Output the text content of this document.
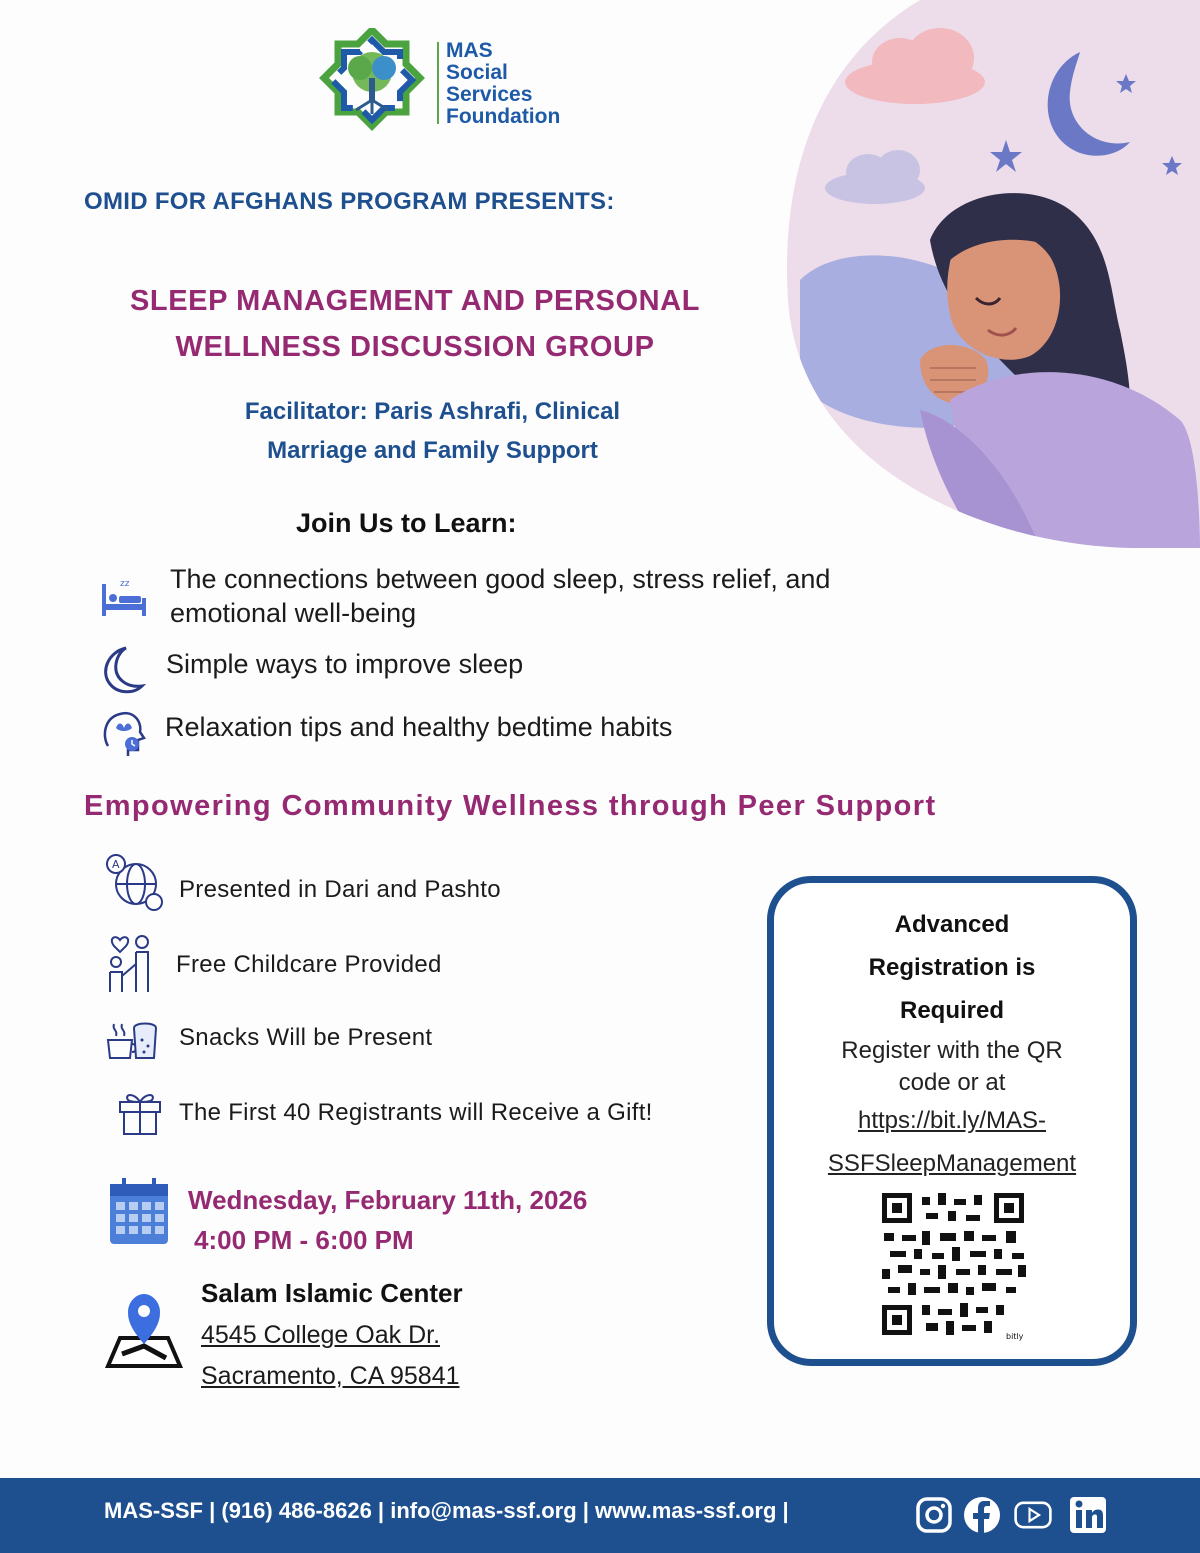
MAS
Social
Services
Foundation
OMID FOR AFGHANS PROGRAM PRESENTS:
SLEEP MANAGEMENT AND PERSONAL
WELLNESS DISCUSSION GROUP
Facilitator: Paris Ashrafi, Clinical
Marriage and Family Support
Join Us to Learn:
zz The connections between good sleep, stress relief, and
emotional well-being
Simple ways to improve sleep
Relaxation tips and healthy bedtime habits
Empowering Community Wellness through Peer Support
A
Presented in Dari and Pashto
Free Childcare Provided
Snacks Will be Present
The First 40 Registrants will Receive a Gift!
Wednesday, February 11th, 2026
4:00 PM - 6:00 PM
Salam Islamic Center
4545 College Oak Dr.
Sacramento, CA 95841
Advanced
Registration is
Required
Register with the QR
code or at
https://bit.ly/MAS-
SSFSleepManagement
bitly
MAS-SSF | (916) 486-8626 | info@mas-ssf.org | www.mas-ssf.org |
